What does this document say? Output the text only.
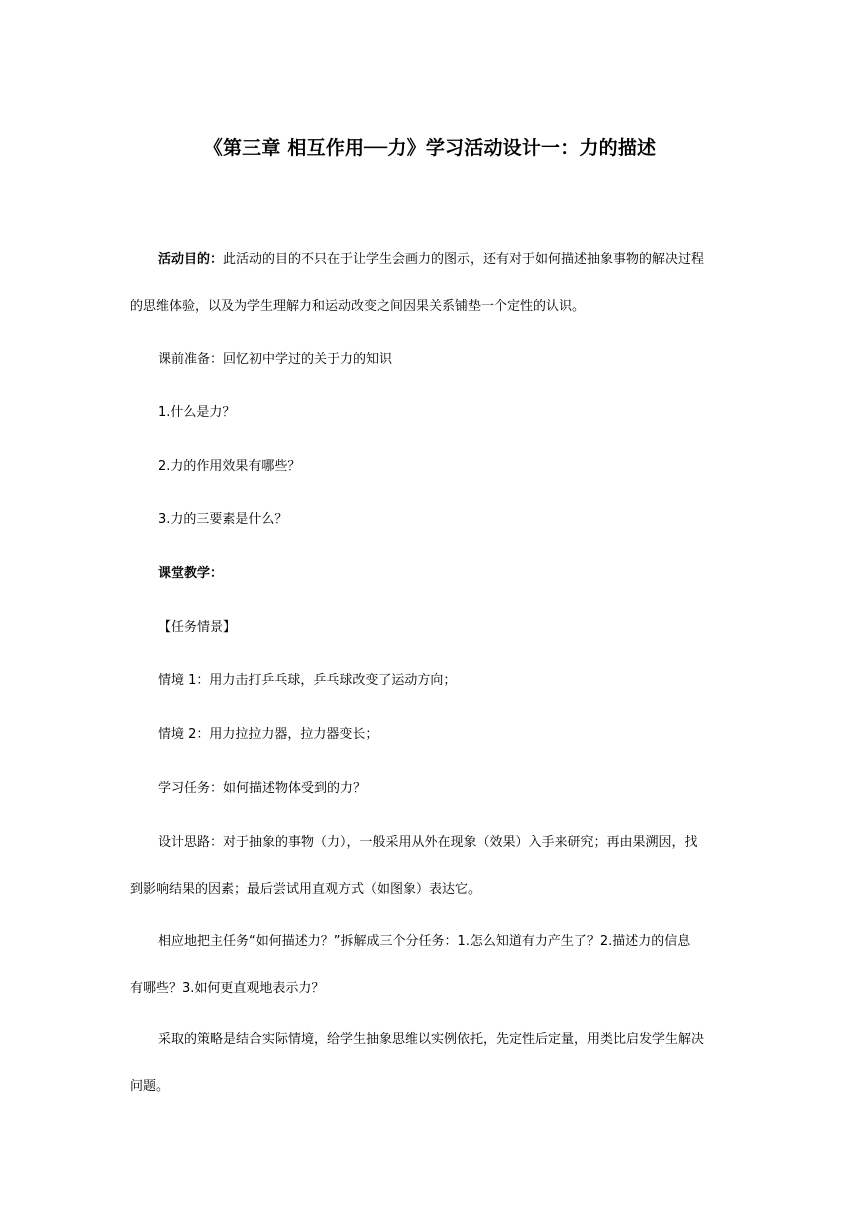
《第三章 相互作用──力》学习活动设计一：力的描述
活动目的：此活动的目的不只在于让学生会画力的图示，还有对于如何描述抽象事物的解决过程
的思维体验，以及为学生理解力和运动改变之间因果关系铺垫一个定性的认识。
课前准备：回忆初中学过的关于力的知识
1.什么是力？
2.力的作用效果有哪些？
3.力的三要素是什么？
课堂教学：
【任务情景】
情境 1：用力击打乒乓球，乒乓球改变了运动方向；
情境 2：用力拉拉力器，拉力器变长；
学习任务：如何描述物体受到的力？
设计思路：对于抽象的事物（力），一般采用从外在现象（效果）入手来研究；再由果溯因，找
到影响结果的因素；最后尝试用直观方式（如图象）表达它。
相应地把主任务“如何描述力？”拆解成三个分任务：1.怎么知道有力产生了？2.描述力的信息
有哪些？3.如何更直观地表示力？
采取的策略是结合实际情境，给学生抽象思维以实例依托，先定性后定量，用类比启发学生解决
问题。
